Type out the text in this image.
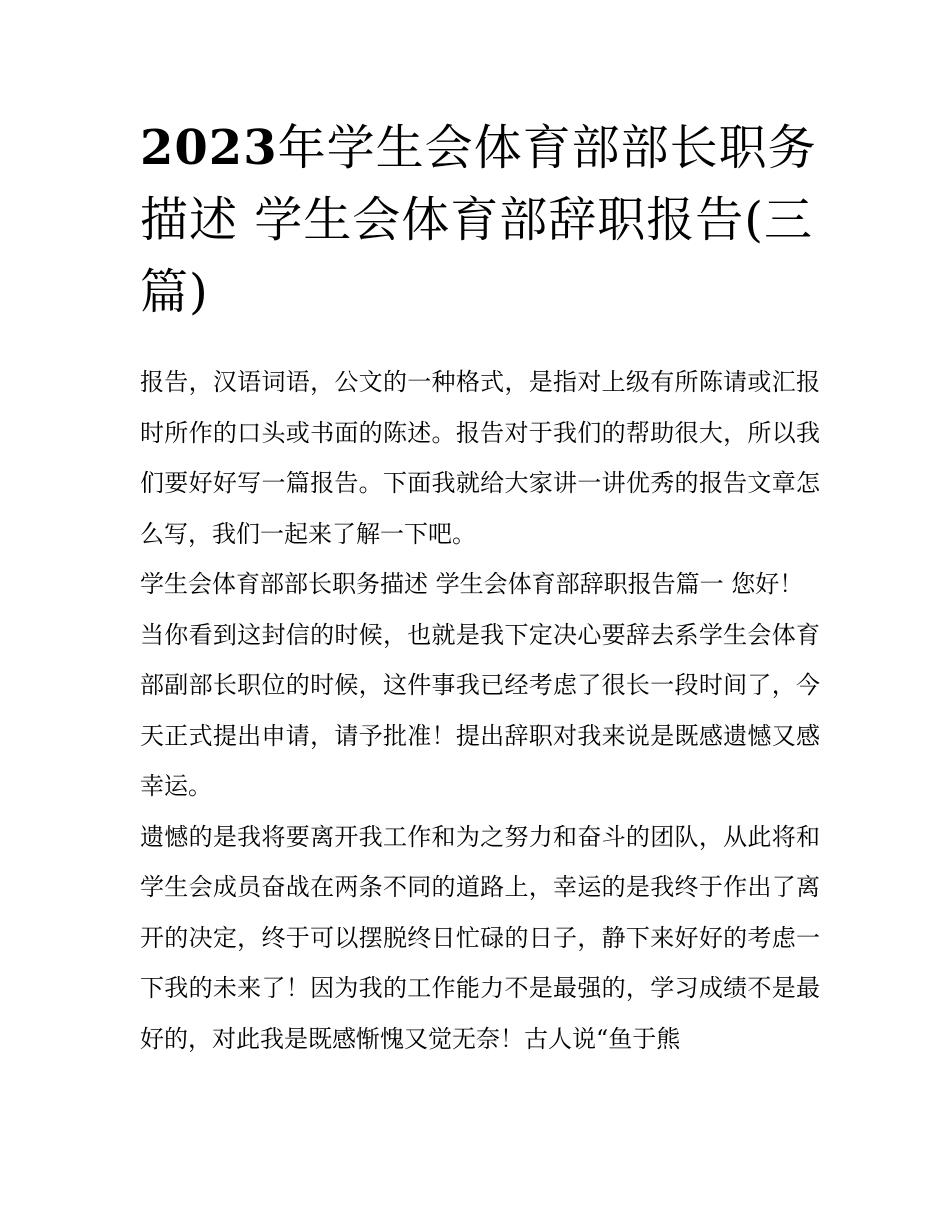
2023年学生会体育部部长职务描述 学生会体育部辞职报告(三篇)

报告，汉语词语，公文的一种格式，是指对上级有所陈请或汇报时所作的口头或书面的陈述。报告对于我们的帮助很大，所以我们要好好写一篇报告。下面我就给大家讲一讲优秀的报告文章怎么写，我们一起来了解一下吧。

学生会体育部部长职务描述 学生会体育部辞职报告篇一 您好！

当你看到这封信的时候，也就是我下定决心要辞去系学生会体育部副部长职位的时候，这件事我已经考虑了很长一段时间了，今天正式提出申请，请予批准！提出辞职对我来说是既感遗憾又感幸运。

遗憾的是我将要离开我工作和为之努力和奋斗的团队，从此将和学生会成员奋战在两条不同的道路上，幸运的是我终于作出了离开的决定，终于可以摆脱终日忙碌的日子，静下来好好的考虑一下我的未来了！因为我的工作能力不是最强的，学习成绩不是最好的，对此我是既感惭愧又觉无奈！古人说“鱼于熊
